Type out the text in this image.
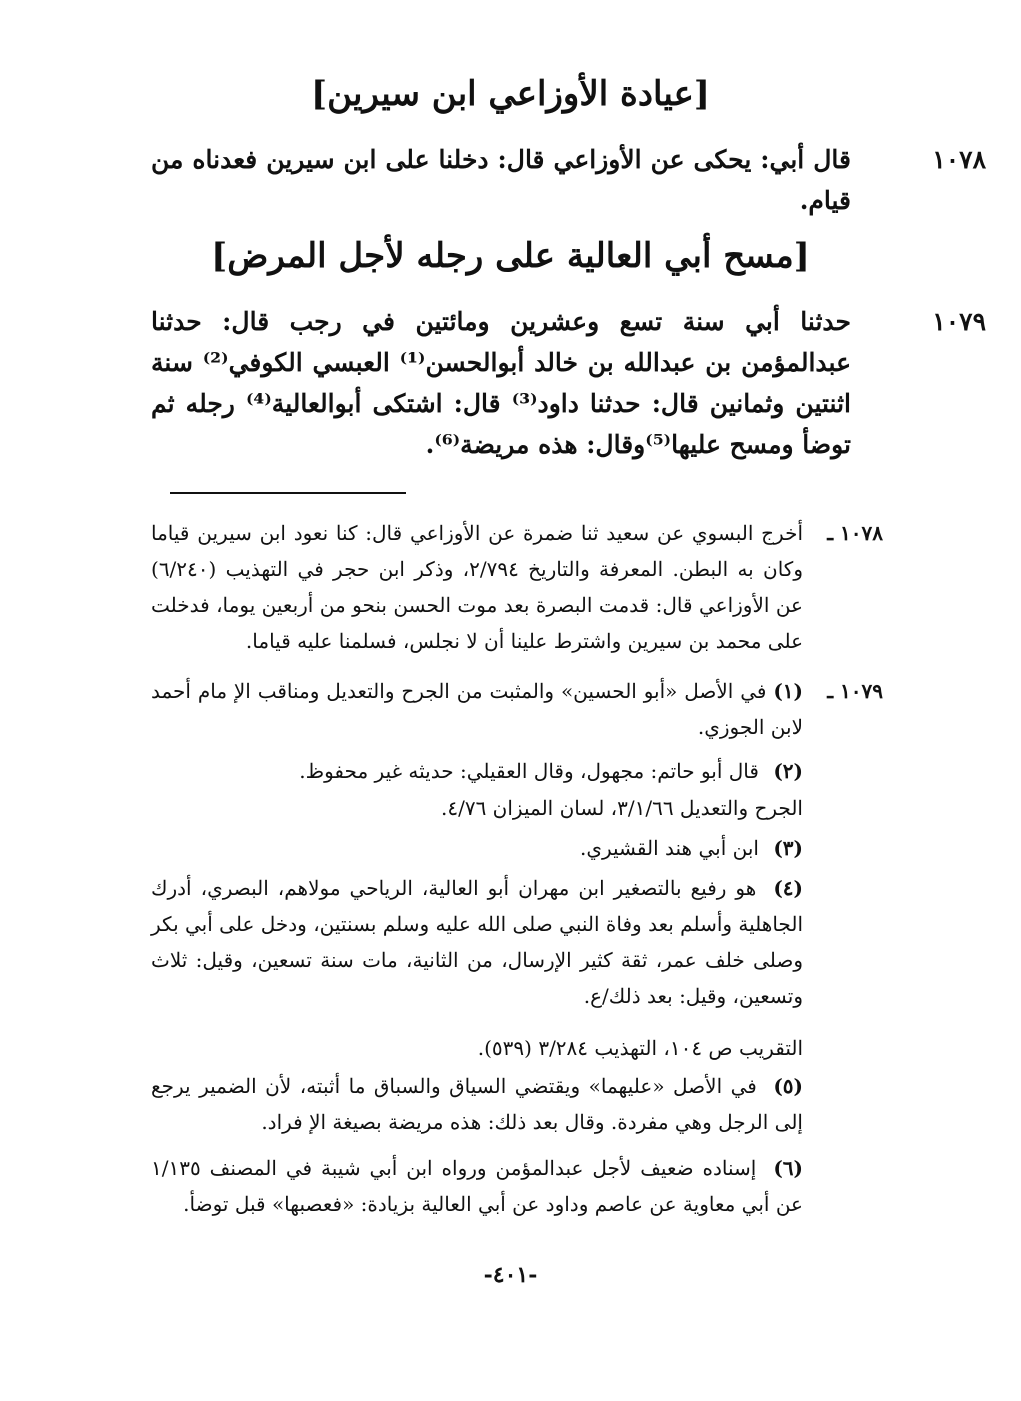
[عيادة الأوزاعي ابن سيرين]
١٠٧٨
قال أبي: يحكى عن الأوزاعي قال: دخلنا على ابن سيرين فعدناه من قيام.
[مسح أبي العالية على رجله لأجل المرض]
١٠٧٩
حدثنا أبي سنة تسع وعشرين ومائتين في رجب قال: حدثنا عبدالمؤمن بن عبدالله بن خالد أبوالحسن⁽¹⁾ العبسي الكوفي⁽²⁾ سنة اثنتين وثمانين قال: حدثنا داود⁽³⁾ قال: اشتكى أبوالعالية⁽⁴⁾ رجله ثم توضأ ومسح عليها⁽⁵⁾وقال: هذه مريضة⁽⁶⁾.
١٠٧٨ ـ
أخرج البسوي عن سعيد ثنا ضمرة عن الأوزاعي قال: كنا نعود ابن سيرين قياما وكان به البطن. المعرفة والتاريخ ٢/٧٩٤، وذكر ابن حجر في التهذيب (٦/٢٤٠) عن الأوزاعي قال: قدمت البصرة بعد موت الحسن بنحو من أربعين يوما، فدخلت على محمد بن سيرين واشترط علينا أن لا نجلس، فسلمنا عليه قياما.
١٠٧٩ ـ
(١) في الأصل «أبو الحسين» والمثبت من الجرح والتعديل ومناقب الإ مام أحمد لابن الجوزي.
(٢) قال أبو حاتم: مجهول، وقال العقيلي: حديثه غير محفوظ.
الجرح والتعديل ٣/١/٦٦، لسان الميزان ٤/٧٦.
(٣) ابن أبي هند القشيري.
(٤) هو رفيع بالتصغير ابن مهران أبو العالية، الرياحي مولاهم، البصري، أدرك الجاهلية وأسلم بعد وفاة النبي صلى الله عليه وسلم بسنتين، ودخل على أبي بكر وصلى خلف عمر، ثقة كثير الإرسال، من الثانية، مات سنة تسعين، وقيل: ثلاث وتسعين، وقيل: بعد ذلك/ع.
التقريب ص ١٠٤، التهذيب ٣/٢٨٤ (٥٣٩).
(٥) في الأصل «عليهما» ويقتضي السياق والسباق ما أثبته، لأن الضمير يرجع إلى الرجل وهي مفردة. وقال بعد ذلك: هذه مريضة بصيغة الإ فراد.
(٦) إسناده ضعيف لأجل عبدالمؤمن ورواه ابن أبي شيبة في المصنف ١/١٣٥ عن أبي معاوية عن عاصم وداود عن أبي العالية بزيادة: «فعصبها» قبل توضأ.
-٤٠١-
